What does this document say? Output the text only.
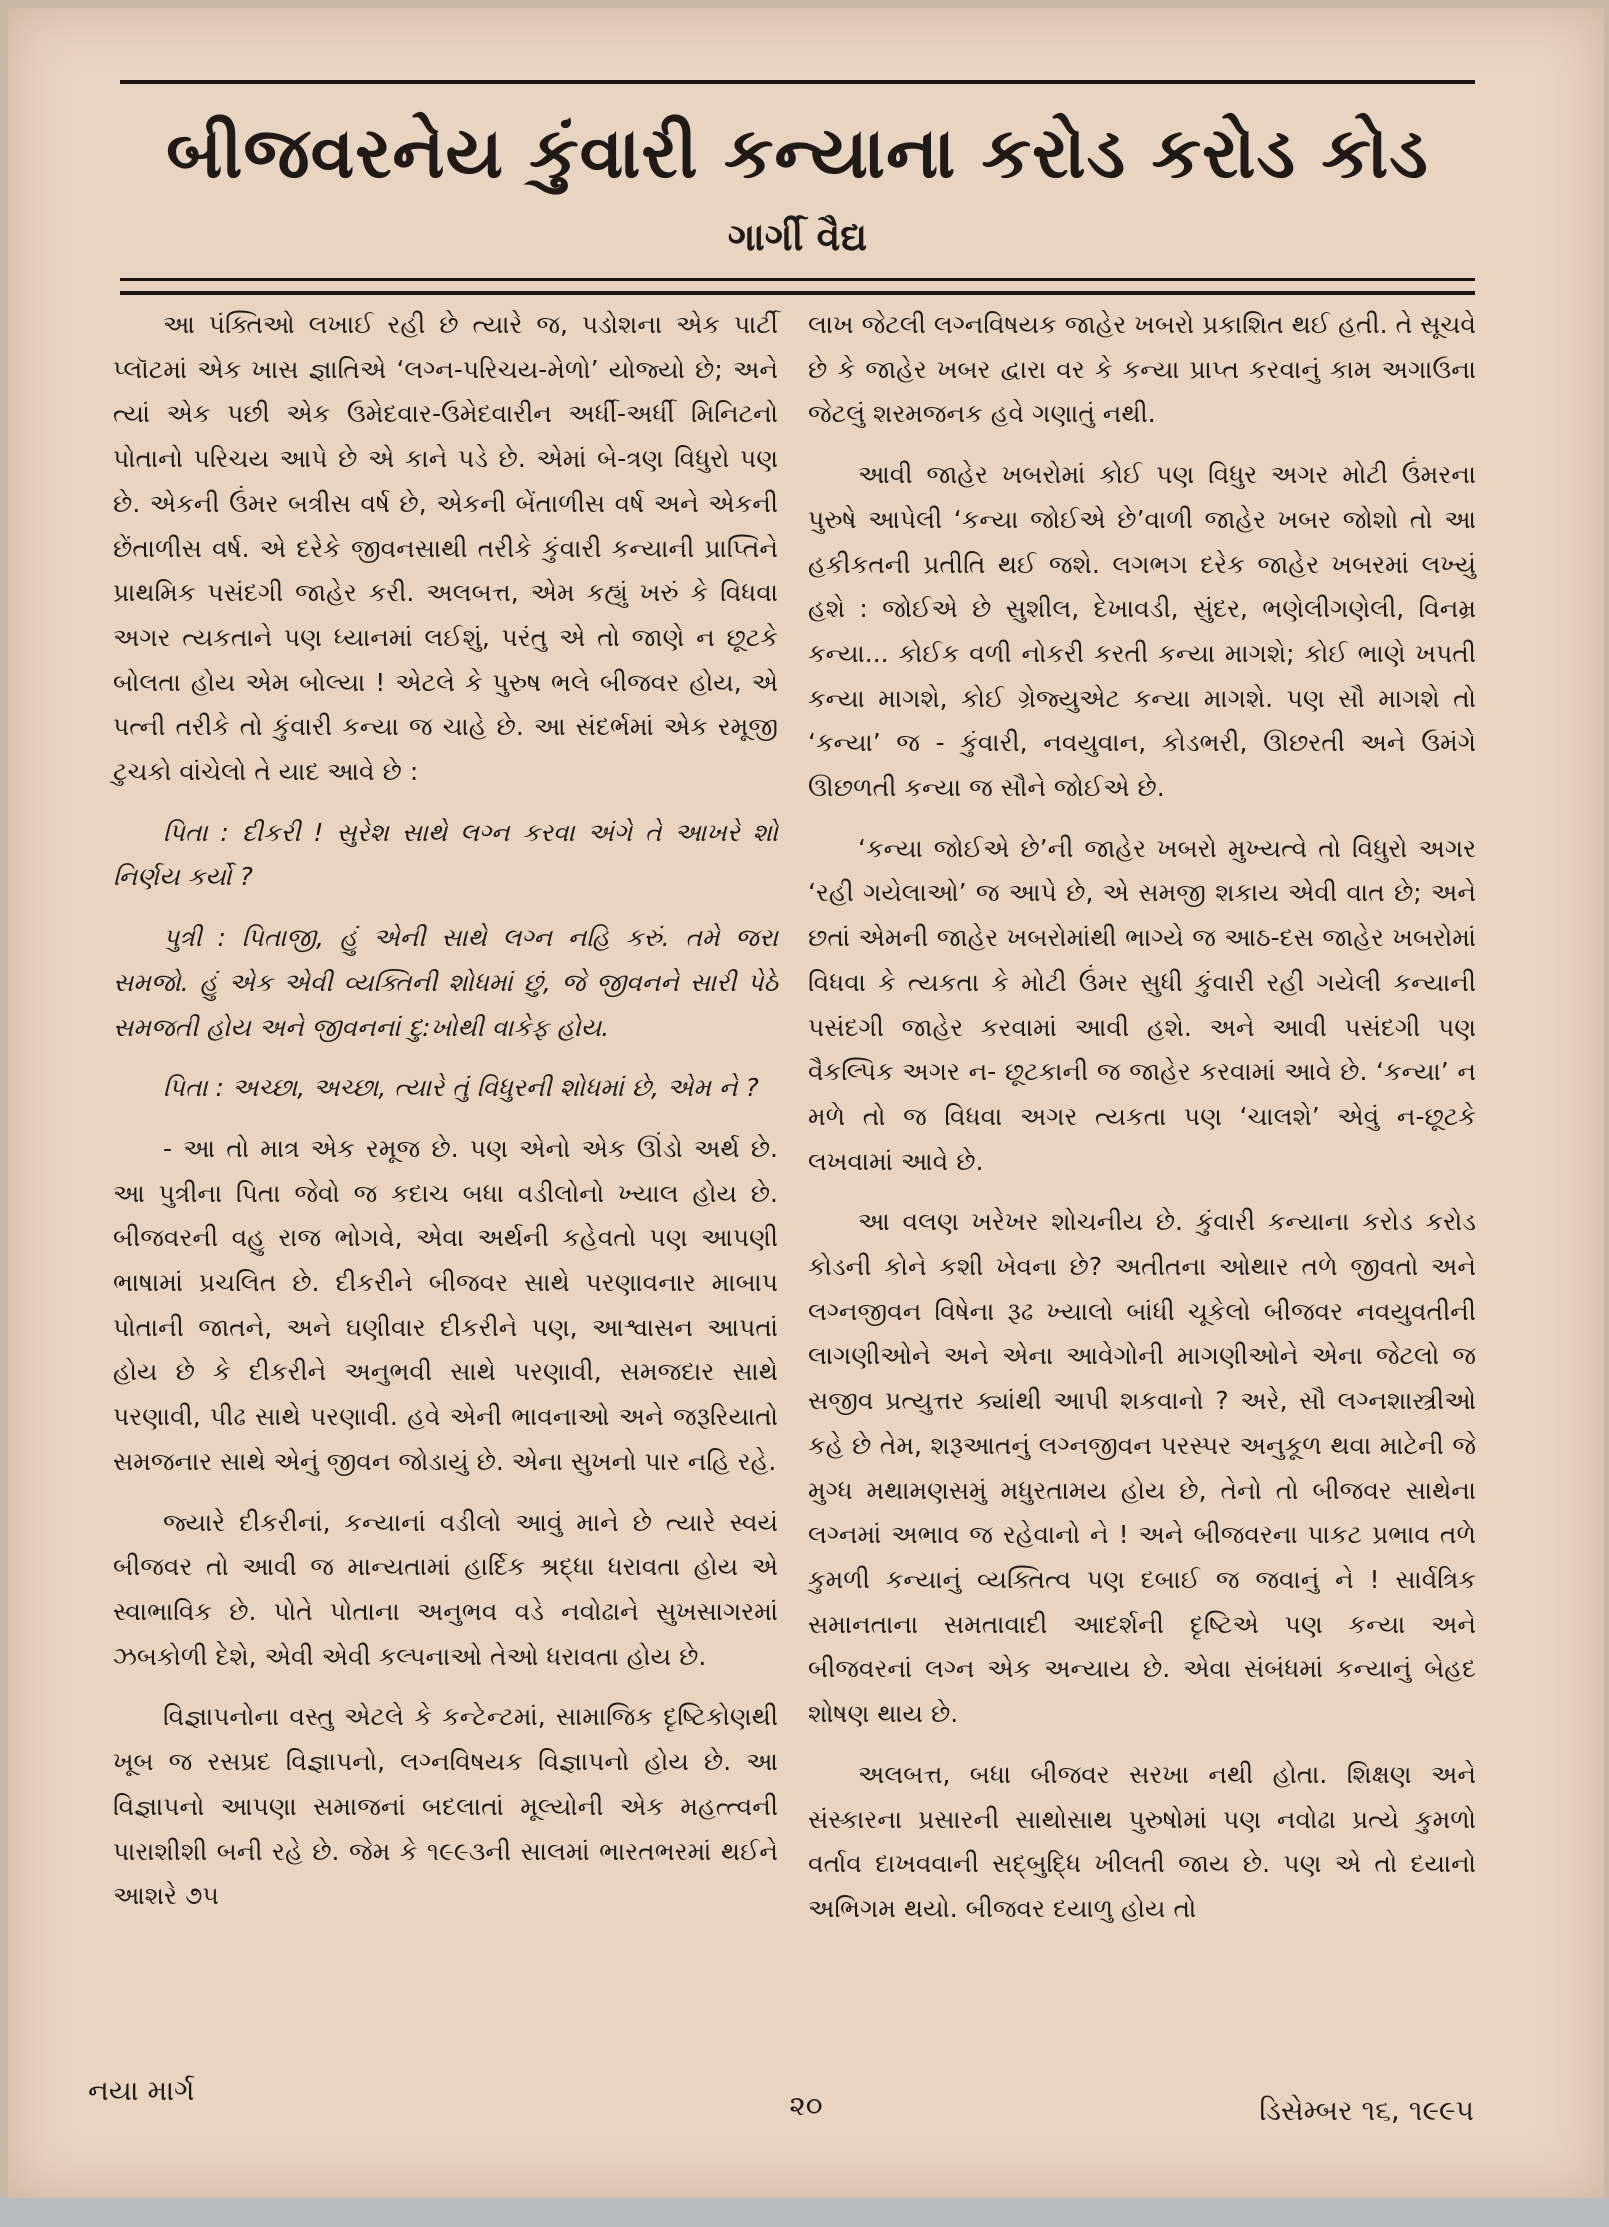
બીજવરનેય કુંવારી કન્યાના કરોડ કરોડ કોડ
ગાર્ગી વૈદ્ય

આ પંક્તિઓ લખાઈ રહી છે ત્યારે જ, પડોશના એક પાર્ટી પ્લૉટમાં એક ખાસ જ્ઞાતિએ ‘લગ્ન-પરિચય-મેળો’ યોજ્યો છે; અને ત્યાં એક પછી એક ઉમેદવાર-ઉમેદવારીન અર્ધી-અર્ધી મિનિટનો પોતાનો પરિચય આપે છે એ કાને પડે છે. એમાં બે-ત્રણ વિધુરો પણ છે. એકની ઉંમર બત્રીસ વર્ષ છે, એકની બેંતાળીસ વર્ષ અને એકની છેંતાળીસ વર્ષ. એ દરેકે જીવનસાથી તરીકે કુંવારી કન્યાની પ્રાપ્તિને પ્રાથમિક પસંદગી જાહેર કરી. અલબત્ત, એમ કહ્યું ખરું કે વિધવા અગર ત્યકતાને પણ ધ્યાનમાં લઈશું, પરંતુ એ તો જાણે ન છૂટકે બોલતા હોય એમ બોલ્યા ! એટલે કે પુરુષ ભલે બીજવર હોય, એ પત્ની તરીકે તો કુંવારી કન્યા જ ચાહે છે. આ સંદર્ભમાં એક રમૂજી ટુચકો વાંચેલો તે યાદ આવે છે :

પિતા : દીકરી ! સુરેશ સાથે લગ્ન કરવા અંગે તે આખરે શો નિર્ણય કર્યો ?

પુત્રી : પિતાજી, હું એની સાથે લગ્ન નહિ કરું. તમે જરા સમજો. હું એક એવી વ્યક્તિની શોધમાં છું, જે જીવનને સારી પેઠે સમજતી હોય અને જીવનનાં દુ:ખોથી વાકેફ હોય.

પિતા : અચ્છા, અચ્છા, ત્યારે તું વિધુરની શોધમાં છે, એમ ને ?

- આ તો માત્ર એક રમૂજ છે. પણ એનો એક ઊંડો અર્થ છે. આ પુત્રીના પિતા જેવો જ કદાચ બધા વડીલોનો ખ્યાલ હોય છે. બીજવરની વહુ રાજ ભોગવે, એવા અર્થની કહેવતો પણ આપણી ભાષામાં પ્રચલિત છે. દીકરીને બીજવર સાથે પરણાવનાર માબાપ પોતાની જાતને, અને ઘણીવાર દીકરીને પણ, આશ્વાસન આપતાં હોય છે કે દીકરીને અનુભવી સાથે પરણાવી, સમજદાર સાથે પરણાવી, પીઢ સાથે પરણાવી. હવે એની ભાવનાઓ અને જરૂરિયાતો સમજનાર સાથે એનું જીવન જોડાયું છે. એના સુખનો પાર નહિ રહે.

જ્યારે દીકરીનાં, કન્યાનાં વડીલો આવું માને છે ત્યારે સ્વયં બીજવર તો આવી જ માન્યતામાં હાર્દિક શ્રદ્ધા ધરાવતા હોય એ સ્વાભાવિક છે. પોતે પોતાના અનુભવ વડે નવોઢાને સુખસાગરમાં ઝબકોળી દેશે, એવી એવી કલ્પનાઓ તેઓ ધરાવતા હોય છે.

વિજ્ઞાપનોના વસ્તુ એટલે કે કન્ટેન્ટમાં, સામાજિક દૃષ્ટિકોણથી ખૂબ જ રસપ્રદ વિજ્ઞાપનો, લગ્નવિષયક વિજ્ઞાપનો હોય છે. આ વિજ્ઞાપનો આપણા સમાજનાં બદલાતાં મૂલ્યોની એક મહત્ત્વની પારાશીશી બની રહે છે. જેમ કે ૧૯૯૩ની સાલમાં ભારતભરમાં થઈને આશરે ૭૫

લાખ જેટલી લગ્નવિષયક જાહેર ખબરો પ્રકાશિત થઈ હતી. તે સૂચવે છે કે જાહેર ખબર દ્વારા વર કે કન્યા પ્રાપ્ત કરવાનું કામ અગાઉના જેટલું શરમજનક હવે ગણાતું નથી.

આવી જાહેર ખબરોમાં કોઈ પણ વિધુર અગર મોટી ઉંમરના પુરુષે આપેલી ‘કન્યા જોઈએ છે’વાળી જાહેર ખબર જોશો તો આ હકીકતની પ્રતીતિ થઈ જશે. લગભગ દરેક જાહેર ખબરમાં લખ્યું હશે : જોઈએ છે સુશીલ, દેખાવડી, સુંદર, ભણેલીગણેલી, વિનમ્ર કન્યા... કોઈક વળી નોકરી કરતી કન્યા માગશે; કોઈ ભાણે ખપતી કન્યા માગશે, કોઈ ગ્રેજ્યુએટ કન્યા માગશે. પણ સૌ માગશે તો ‘કન્યા’ જ - કુંવારી, નવયુવાન, કોડભરી, ઊછરતી અને ઉમંગે ઊછળતી કન્યા જ સૌને જોઈએ છે.

‘કન્યા જોઈએ છે’ની જાહેર ખબરો મુખ્યત્વે તો વિધુરો અગર ‘રહી ગયેલાઓ’ જ આપે છે, એ સમજી શકાય એવી વાત છે; અને છતાં એમની જાહેર ખબરોમાંથી ભાગ્યે જ આઠ-દસ જાહેર ખબરોમાં વિધવા કે ત્યકતા કે મોટી ઉંમર સુધી કુંવારી રહી ગયેલી કન્યાની પસંદગી જાહેર કરવામાં આવી હશે. અને આવી પસંદગી પણ વૈકલ્પિક અગર ન- છૂટકાની જ જાહેર કરવામાં આવે છે. ‘કન્યા’ ન મળે તો જ વિધવા અગર ત્યકતા પણ ‘ચાલશે’ એવું ન-છૂટકે લખવામાં આવે છે.

આ વલણ ખરેખર શોચનીય છે. કુંવારી કન્યાના કરોડ કરોડ કોડની કોને કશી ખેવના છે? અતીતના ઓથાર તળે જીવતો અને લગ્નજીવન વિષેના રૂઢ ખ્યાલો બાંધી ચૂકેલો બીજવર નવયુવતીની લાગણીઓને અને એના આવેગોની માગણીઓને એના જેટલો જ સજીવ પ્રત્યુત્તર ક્યાંથી આપી શકવાનો ? અરે, સૌ લગ્નશાસ્ત્રીઓ કહે છે તેમ, શરૂઆતનું લગ્નજીવન પરસ્પર અનુકૂળ થવા માટેની જે મુગ્ધ મથામણસમું મધુરતામય હોય છે, તેનો તો બીજવર સાથેના લગ્નમાં અભાવ જ રહેવાનો ને ! અને બીજવરના પાકટ પ્રભાવ તળે કુમળી કન્યાનું વ્યક્તિત્વ પણ દબાઈ જ જવાનું ને ! સાર્વત્રિક સમાનતાના સમતાવાદી આદર્શની દૃષ્ટિએ પણ કન્યા અને બીજવરનાં લગ્ન એક અન્યાય છે. એવા સંબંધમાં કન્યાનું બેહદ શોષણ થાય છે.

અલબત્ત, બધા બીજવર સરખા નથી હોતા. શિક્ષણ અને સંસ્કારના પ્રસારની સાથોસાથ પુરુષોમાં પણ નવોઢા પ્રત્યે કુમળો વર્તાવ દાખવવાની સદ્બુદ્ધિ ખીલતી જાય છે. પણ એ તો દયાનો અભિગમ થયો. બીજવર દયાળુ હોય તો

નયા માર્ગ	૨૦	ડિસેમ્બર ૧૬, ૧૯૯૫
